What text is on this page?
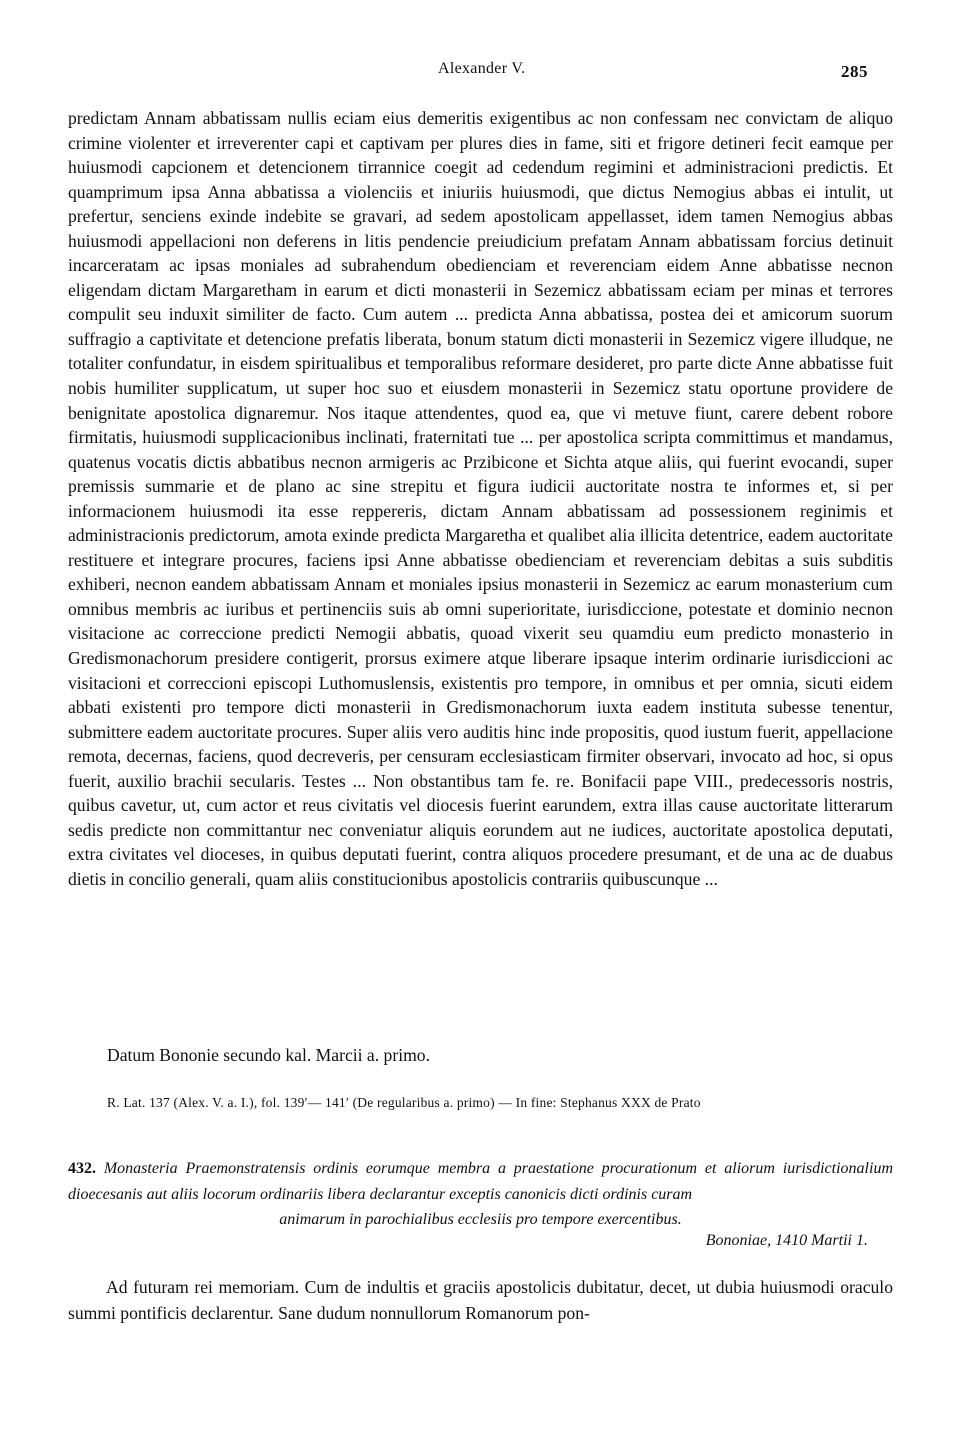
Alexander V.	285

predictam Annam abbatissam nullis eciam eius demeritis exigentibus ac non confessam nec convictam de aliquo crimine violenter et irreverenter capi et captivam per plures dies in fame, siti et frigore detineri fecit eamque per huiusmodi capcionem et detencionem tirrannice coegit ad cedendum regimini et administracioni predictis. Et quamprimum ipsa Anna abbatissa a violenciis et iniuriis huiusmodi, que dictus Nemogius abbas ei intulit, ut prefertur, senciens exinde indebite se gravari, ad sedem apostolicam appellasset, idem tamen Nemogius abbas huiusmodi appellacioni non deferens in litis pendencie preiudicium prefatam Annam abbatissam forcius detinuit incarceratam ac ipsas moniales ad subrahendum obedienciam et reverenciam eidem Anne abbatisse necnon eligendam dictam Margaretham in earum et dicti monasterii in Sezemicz abbatissam eciam per minas et terrores compulit seu induxit similiter de facto. Cum autem ... predicta Anna abbatissa, postea dei et amicorum suorum suffragio a captivitate et detencione prefatis liberata, bonum statum dicti monasterii in Sezemicz vigere illudque, ne totaliter confundatur, in eisdem spiritualibus et temporalibus reformare desideret, pro parte dicte Anne abbatisse fuit nobis humiliter supplicatum, ut super hoc suo et eiusdem monasterii in Sezemicz statu oportune providere de benignitate apostolica dignaremur. Nos itaque attendentes, quod ea, que vi metuve fiunt, carere debent robore firmitatis, huiusmodi supplicacionibus inclinati, fraternitati tue ... per apostolica scripta committimus et mandamus, quatenus vocatis dictis abbatibus necnon armigeris ac Przibicone et Sichta atque aliis, qui fuerint evocandi, super premissis summarie et de plano ac sine strepitu et figura iudicii auctoritate nostra te informes et, si per informacionem huiusmodi ita esse reppereris, dictam Annam abbatissam ad possessionem reginimis et administracionis predictorum, amota exinde predicta Margaretha et qualibet alia illicita detentrice, eadem auctoritate restituere et integrare procures, faciens ipsi Anne abbatisse obedienciam et reverenciam debitas a suis subditis exhiberi, necnon eandem abbatissam Annam et moniales ipsius monasterii in Sezemicz ac earum monasterium cum omnibus membris ac iuribus et pertinenciis suis ab omni superioritate, iurisdiccione, potestate et dominio necnon visitacione ac correccione predicti Nemogii abbatis, quoad vixerit seu quamdiu eum predicto monasterio in Gredismonachorum presidere contigerit, prorsus eximere atque liberare ipsaque interim ordinarie iurisdiccioni ac visitacioni et correccioni episcopi Luthomuslensis, existentis pro tempore, in omnibus et per omnia, sicuti eidem abbati existenti pro tempore dicti monasterii in Gredismonachorum iuxta eadem instituta subesse tenentur, submittere eadem auctoritate procures. Super aliis vero auditis hinc inde propositis, quod iustum fuerit, appellacione remota, decernas, faciens, quod decreveris, per censuram ecclesiasticam firmiter observari, invocato ad hoc, si opus fuerit, auxilio brachii secularis. Testes ... Non obstantibus tam fe. re. Bonifacii pape VIII., predecessoris nostris, quibus cavetur, ut, cum actor et reus civitatis vel diocesis fuerint earundem, extra illas cause auctoritate litterarum sedis predicte non committantur nec conveniatur aliquis eorundem aut ne iudices, auctoritate apostolica deputati, extra civitates vel dioceses, in quibus deputati fuerint, contra aliquos procedere presumant, et de una ac de duabus dietis in concilio generali, quam aliis constitucionibus apostolicis contrariis quibuscunque ...

Datum Bononie secundo kal. Marcii a. primo.
R. Lat. 137 (Alex. V. a. I.), fol. 139′— 141′ (De regularibus a. primo) — In fine: Stephanus XXX de Prato

432. Monasteria Praemonstratensis ordinis eorumque membra a praestatione procurationum et aliorum iurisdictionalium dioecesanis aut aliis locorum ordinariis libera declarantur exceptis canonicis dicti ordinis curam
animarum in parochialibus ecclesiis pro tempore exercentibus.

Bononiae, 1410 Martii 1.

Ad futuram rei memoriam. Cum de indultis et graciis apostolicis dubitatur, decet, ut dubia huiusmodi oraculo summi pontificis declarentur. Sane dudum nonnullorum Romanorum pon-
